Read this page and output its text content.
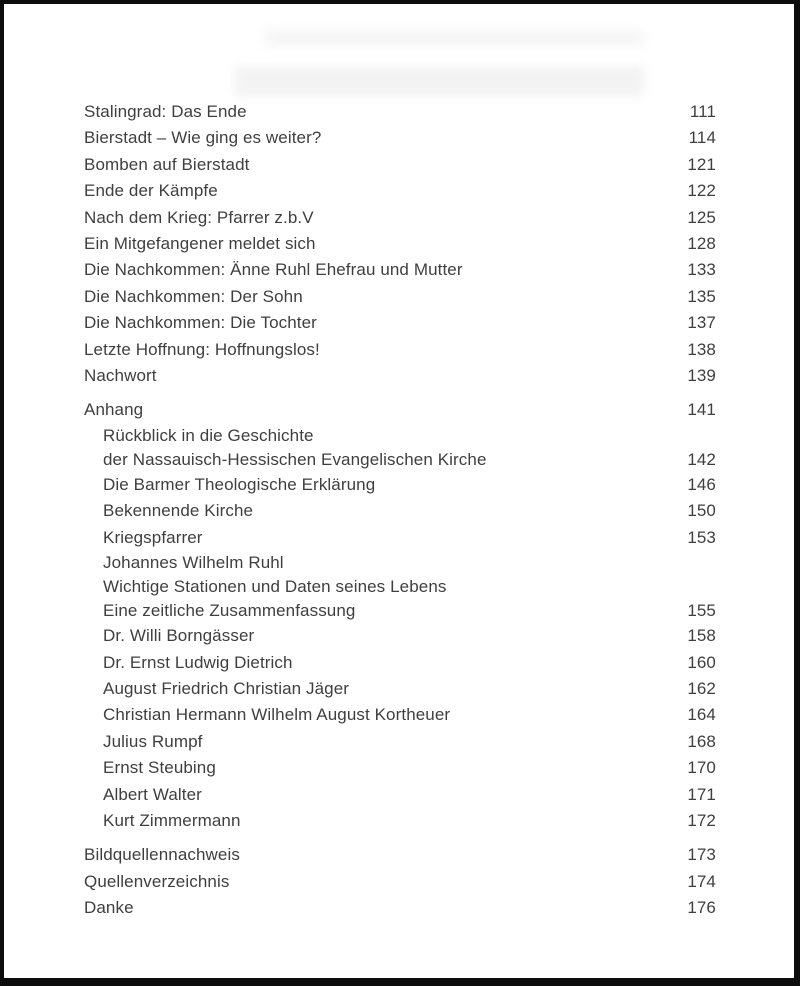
Stalingrad: Das Ende	111
Bierstadt – Wie ging es weiter?	114
Bomben auf Bierstadt	121
Ende der Kämpfe	122
Nach dem Krieg: Pfarrer z.b.V	125
Ein Mitgefangener meldet sich	128
Die Nachkommen: Änne Ruhl Ehefrau und Mutter	133
Die Nachkommen: Der Sohn	135
Die Nachkommen: Die Tochter	137
Letzte Hoffnung: Hoffnungslos!	138
Nachwort	139
Anhang	141
Rückblick in die Geschichte
der Nassauisch-Hessischen Evangelischen Kirche	142
Die Barmer Theologische Erklärung	146
Bekennende Kirche	150
Kriegspfarrer	153
Johannes Wilhelm Ruhl
Wichtige Stationen und Daten seines Lebens
Eine zeitliche Zusammenfassung	155
Dr. Willi Borngässer	158
Dr. Ernst Ludwig Dietrich	160
August Friedrich Christian Jäger	162
Christian Hermann Wilhelm August Kortheuer	164
Julius Rumpf	168
Ernst Steubing	170
Albert Walter	171
Kurt Zimmermann	172
Bildquellennachweis	173
Quellenverzeichnis	174
Danke	176
